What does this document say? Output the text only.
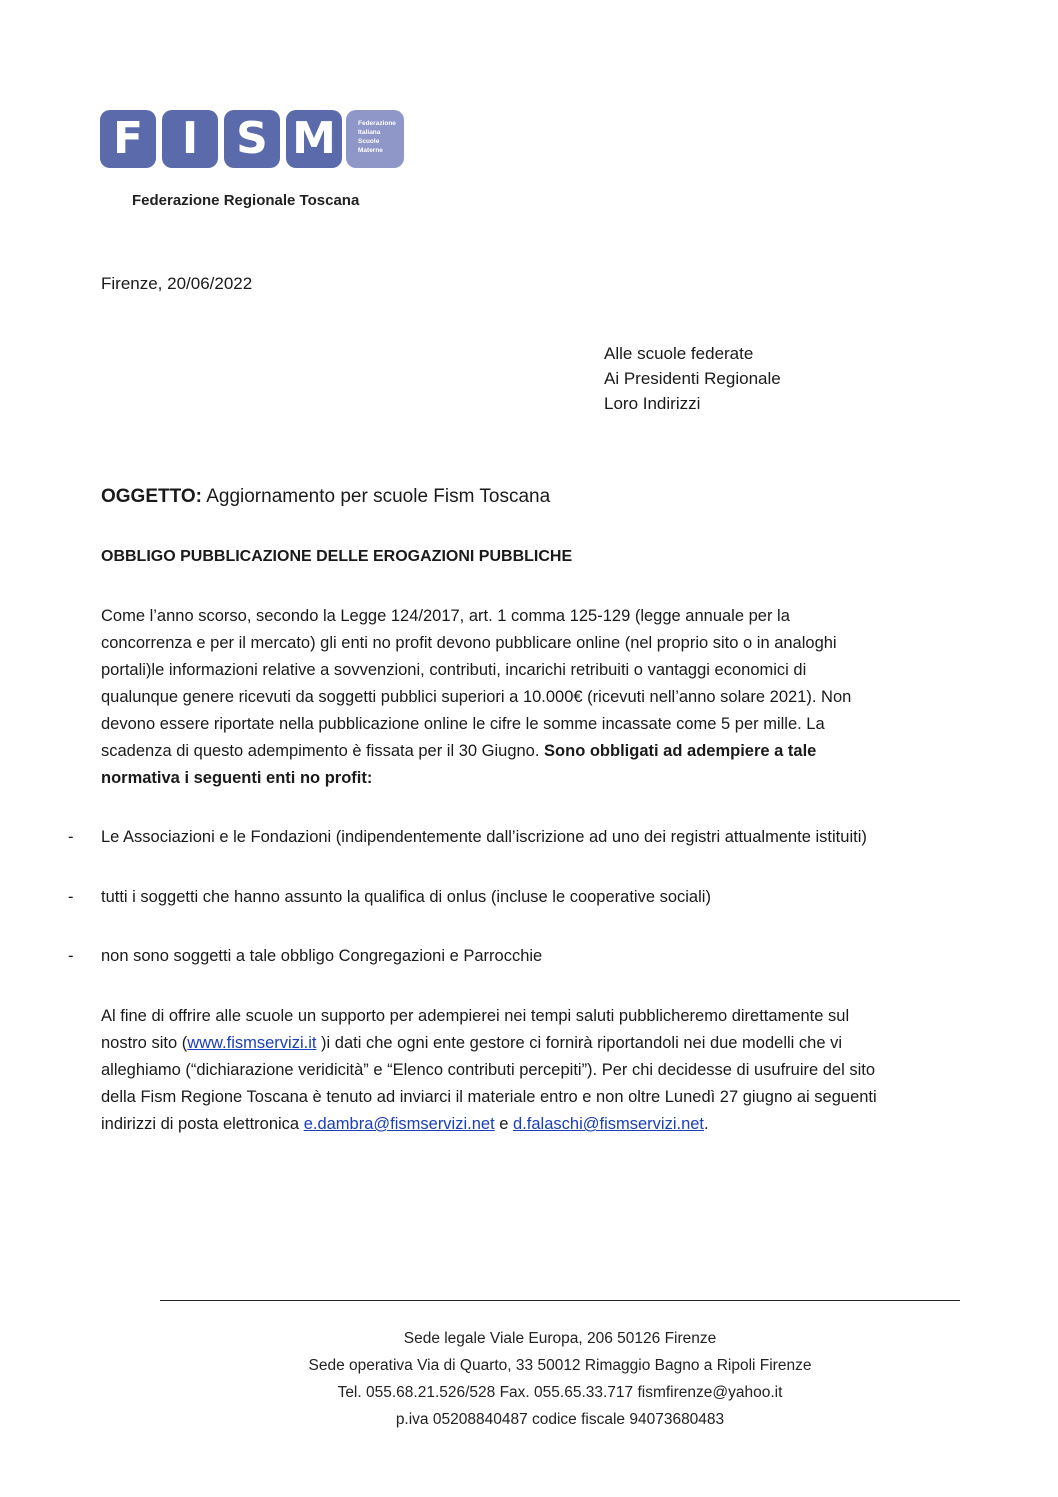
F I S M	Federazione
Italiana
Scuole
Materne
Federazione Regionale Toscana
Firenze, 20/06/2022
Alle scuole federate
Ai Presidenti Regionale
Loro Indirizzi
OGGETTO: Aggiornamento per scuole Fism Toscana
OBBLIGO PUBBLICAZIONE DELLE EROGAZIONI PUBBLICHE
Come l’anno scorso, secondo la Legge 124/2017, art. 1 comma 125-129 (legge annuale per la
concorrenza e per il mercato) gli enti no profit devono pubblicare online (nel proprio sito o in analoghi
portali)le informazioni relative a sovvenzioni, contributi, incarichi retribuiti o vantaggi economici di
qualunque genere ricevuti da soggetti pubblici superiori a 10.000€ (ricevuti nell’anno solare 2021). Non
devono essere riportate nella pubblicazione online le cifre le somme incassate come 5 per mille. La
scadenza di questo adempimento è fissata per il 30 Giugno. Sono obbligati ad adempiere a tale
normativa i seguenti enti no profit:
- Le Associazioni e le Fondazioni (indipendentemente dall’iscrizione ad uno dei registri attualmente istituiti)
- tutti i soggetti che hanno assunto la qualifica di onlus (incluse le cooperative sociali)
- non sono soggetti a tale obbligo Congregazioni e Parrocchie
Al fine di offrire alle scuole un supporto per adempierei nei tempi saluti pubblicheremo direttamente sul
nostro sito (www.fismservizi.it )i dati che ogni ente gestore ci fornirà riportandoli nei due modelli che vi
alleghiamo (“dichiarazione veridicità” e “Elenco contributi percepiti”). Per chi decidesse di usufruire del sito
della Fism Regione Toscana è tenuto ad inviarci il materiale entro e non oltre Lunedì 27 giugno ai seguenti
indirizzi di posta elettronica e.dambra@fismservizi.net e d.falaschi@fismservizi.net.
Sede legale Viale Europa, 206 50126 Firenze
Sede operativa Via di Quarto, 33 50012 Rimaggio Bagno a Ripoli Firenze
Tel. 055.68.21.526/528 Fax. 055.65.33.717 fismfirenze@yahoo.it
p.iva 05208840487 codice fiscale 94073680483
